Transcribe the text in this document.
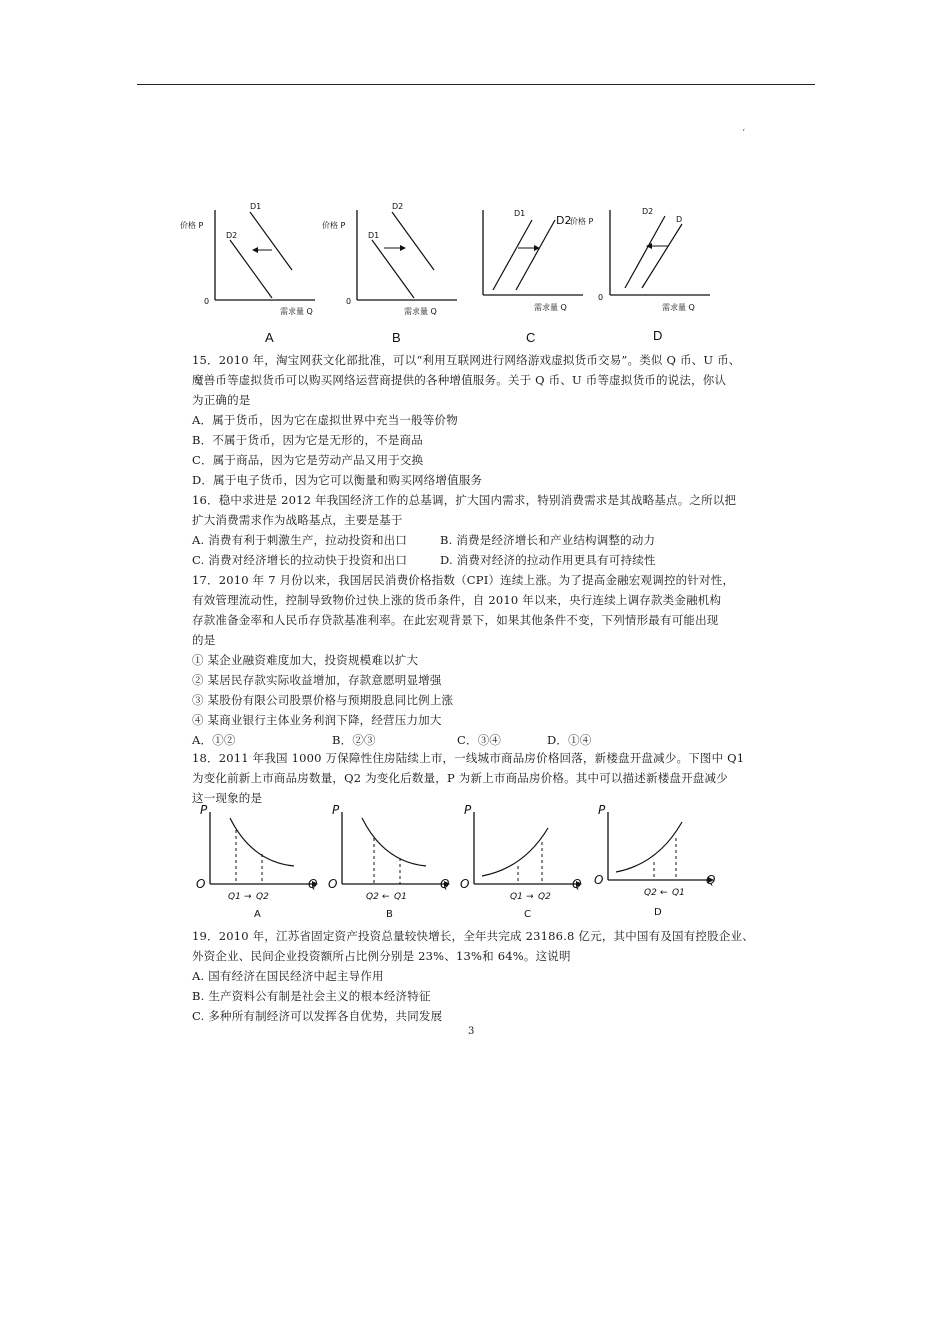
‘
价格 P
0
需求量 Q
D1
D2
A
价格 P
0
需求量 Q
D2
D1
B
需求量 Q
D1
D2
C
价格 P
0
需求量 Q
D2
D
D
15．2010 年，淘宝网获文化部批准，可以“利用互联网进行网络游戏虚拟货币交易”。类似 Q 币、U 币、
魔兽币等虚拟货币可以购买网络运营商提供的各种增值服务。关于 Q 币、U 币等虚拟货币的说法，你认
为正确的是
A．属于货币，因为它在虚拟世界中充当一般等价物
B．不属于货币，因为它是无形的，不是商品
C．属于商品，因为它是劳动产品又用于交换
D．属于电子货币，因为它可以衡量和购买网络增值服务
16．稳中求进是 2012 年我国经济工作的总基调，扩大国内需求，特别消费需求是其战略基点。之所以把
扩大消费需求作为战略基点，主要是基于
A. 消费有利于刺激生产，拉动投资和出口	B. 消费是经济增长和产业结构调整的动力
C. 消费对经济增长的拉动快于投资和出口	D. 消费对经济的拉动作用更具有可持续性
17．2010 年 7 月份以来，我国居民消费价格指数（CPI）连续上涨。为了提高金融宏观调控的针对性，
有效管理流动性，控制导致物价过快上涨的货币条件，自 2010 年以来，央行连续上调存款类金融机构
存款准备金率和人民币存贷款基准利率。在此宏观背景下，如果其他条件不变，下列情形最有可能出现
的是
① 某企业融资难度加大，投资规模难以扩大
② 某居民存款实际收益增加，存款意愿明显增强
③ 某股份有限公司股票价格与预期股息同比例上涨
④ 某商业银行主体业务利润下降，经营压力加大
A．①②	B．②③	C．③④	D．①④
18．2011 年我国 1000 万保障性住房陆续上市，一线城市商品房价格回落，新楼盘开盘减少。下图中 Q1
为变化前新上市商品房数量，Q2 为变化后数量，P 为新上市商品房价格。其中可以描述新楼盘开盘减少
这一现象的是
P
O	Q
Q1 → Q2
A
P
O	Q
Q2 ← Q1
B
P
O	Q
Q1 → Q2
C
P
O	Q
Q2 ← Q1
D
19．2010 年，江苏省固定资产投资总量较快增长，全年共完成 23186.8 亿元，其中国有及国有控股企业、
外资企业、民间企业投资额所占比例分别是 23%、13%和 64%。这说明
A. 国有经济在国民经济中起主导作用
B. 生产资料公有制是社会主义的根本经济特征
C. 多种所有制经济可以发挥各自优势，共同发展
3
